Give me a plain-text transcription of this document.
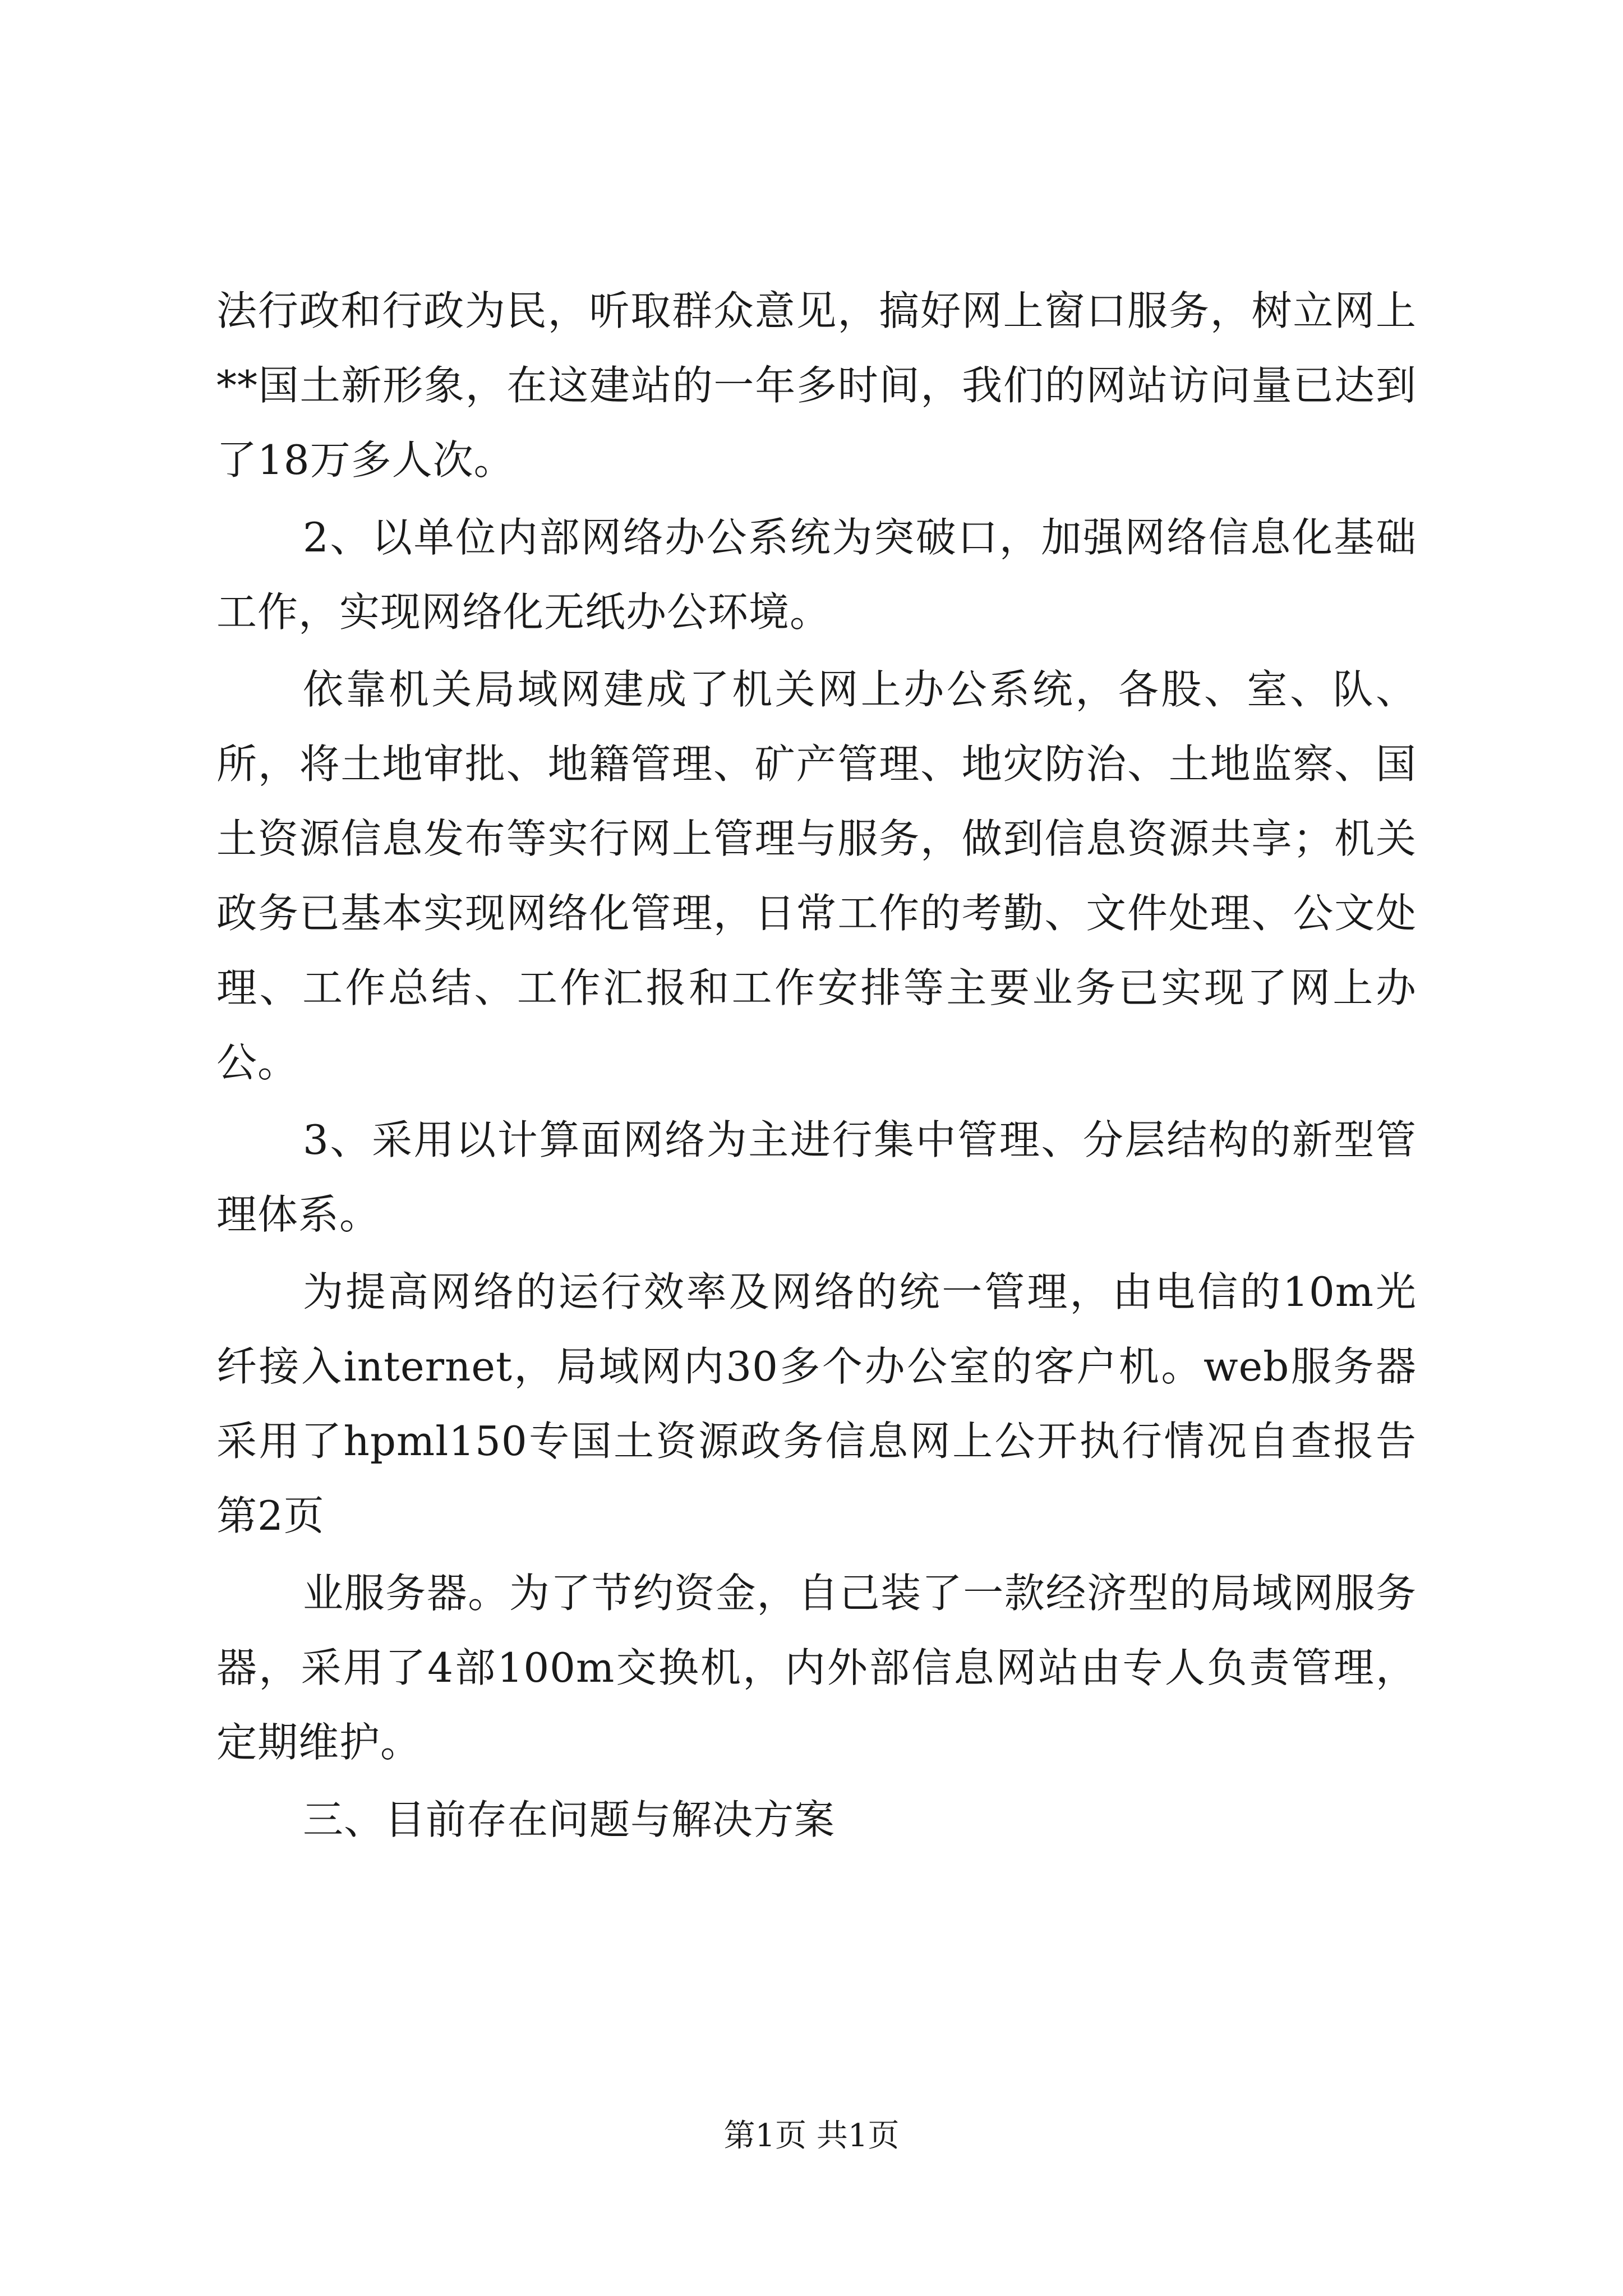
法行政和行政为民，听取群众意见，搞好网上窗口服务，树立网上**国土新形象，在这建站的一年多时间，我们的网站访问量已达到了18万多人次。

2、以单位内部网络办公系统为突破口，加强网络信息化基础工作，实现网络化无纸办公环境。

依靠机关局域网建成了机关网上办公系统，各股、室、队、所，将土地审批、地籍管理、矿产管理、地灾防治、土地监察、国土资源信息发布等实行网上管理与服务，做到信息资源共享；机关政务已基本实现网络化管理，日常工作的考勤、文件处理、公文处理、工作总结、工作汇报和工作安排等主要业务已实现了网上办公。

3、采用以计算面网络为主进行集中管理、分层结构的新型管理体系。

为提高网络的运行效率及网络的统一管理，由电信的10m光纤接入internet，局域网内30多个办公室的客户机。web服务器采用了hpml150专国土资源政务信息网上公开执行情况自查报告第2页

业服务器。为了节约资金，自己装了一款经济型的局域网服务器，采用了4部100m交换机，内外部信息网站由专人负责管理，定期维护。

三、目前存在问题与解决方案

第1页 共1页
